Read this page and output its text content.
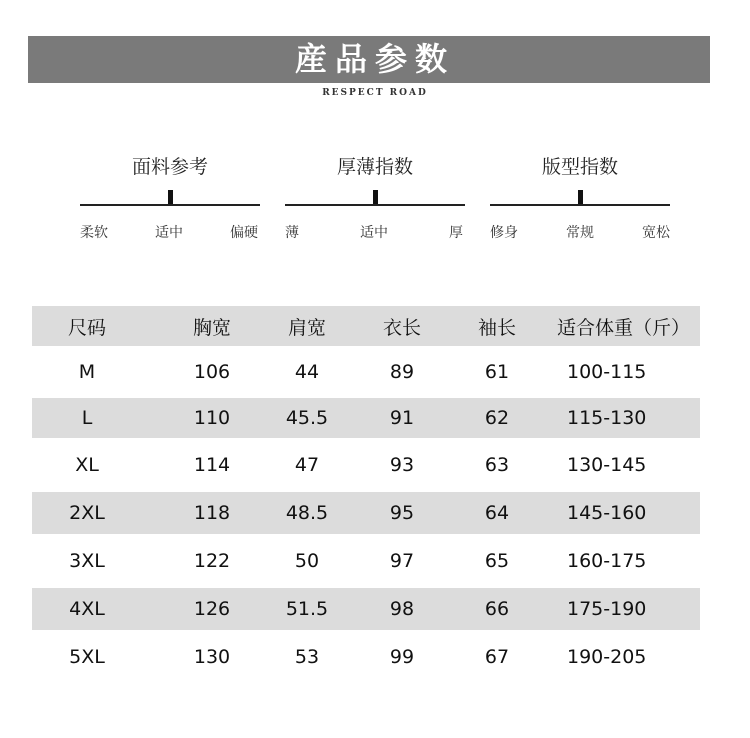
産品参数
RESPECT ROAD
面料参考
柔软	适中	偏硬
厚薄指数
薄	适中	厚
版型指数
修身	常规	宽松
尺码	胸宽	肩宽	衣长	袖长	适合体重（斤）
M	106	44	89	61	100-115
L	110	45.5	91	62	115-130
XL	114	47	93	63	130-145
2XL	118	48.5	95	64	145-160
3XL	122	50	97	65	160-175
4XL	126	51.5	98	66	175-190
5XL	130	53	99	67	190-205
